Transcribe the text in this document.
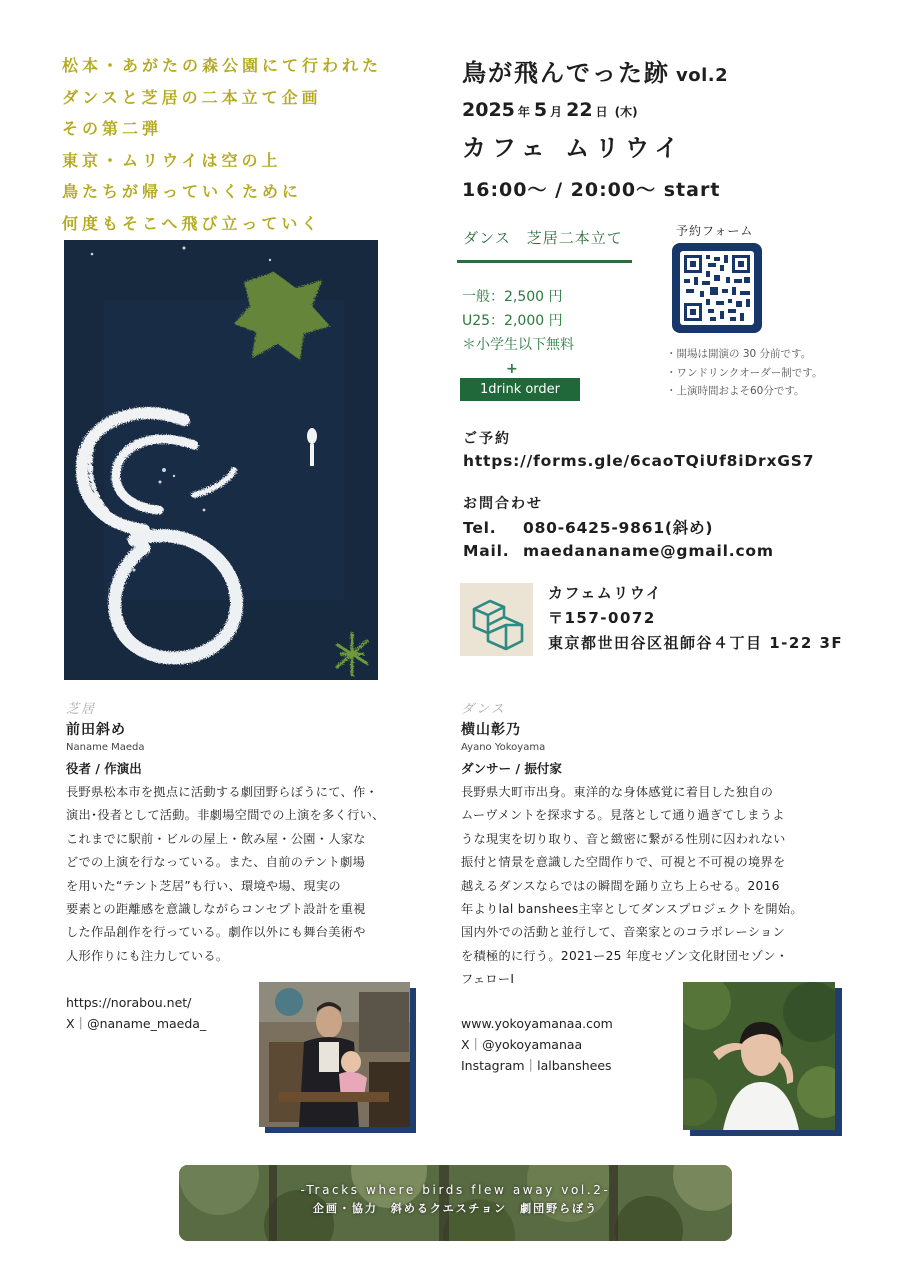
松本・あがたの森公園にて行われた
ダンスと芝居の二本立て企画
その第二弾
東京・ムリウイは空の上
鳥たちが帰っていくために
何度もそこへ飛び立っていく
鳥が飛んでった跡 vol.2
2025 年 5 月 22 日 (木)
カフェ ムリウイ
16:00〜 / 20:00〜 start
ダンス　芝居二本立て
一般：2,500 円
U25：2,000 円
＊小学生以下無料
+
1drink order
予約フォーム
・開場は開演の 30 分前です。
・ワンドリンクオーダー制です。
・上演時間およそ60分です。
ご予約
https://forms.gle/6caoTQiUf8iDrxGS7
お問合わせ
Tel. 080-6425-9861(斜め)
Mail. maedananame@gmail.com
カフェムリウイ
〒157-0072
東京都世田谷区祖師谷４丁目 1-22 3F
芝居
前田斜め
Naname Maeda
役者 / 作演出
長野県松本市を拠点に活動する劇団野らぼうにて、作・
演出･役者として活動。非劇場空間での上演を多く行い、
これまでに駅前・ビルの屋上・飲み屋・公園・人家な
どでの上演を行なっている。また、自前のテント劇場
を用いた“テント芝居”も行い、環境や場、現実の
要素との距離感を意識しながらコンセプト設計を重視
した作品創作を行っている。劇作以外にも舞台美術や
人形作りにも注力している。
https://norabou.net/
X｜@naname_maeda_
ダンス
横山彰乃
Ayano Yokoyama
ダンサー / 振付家
長野県大町市出身。東洋的な身体感覚に着目した独自の
ムーヴメントを探求する。見落として通り過ぎてしまうよ
うな現実を切り取り、音と緻密に繋がる性別に囚われない
振付と情景を意識した空間作りで、可視と不可視の境界を
越えるダンスならではの瞬間を踊り立ち上らせる。2016
年よりlal banshees主宰としてダンスプロジェクトを開始。
国内外での活動と並行して、音楽家とのコラボレーション
を積極的に行う。2021ー25 年度セゾン文化財団セゾン・
フェローⅠ
www.yokoyamanaa.com
X｜@yokoyamanaa
Instagram｜lalbanshees
-Tracks where birds flew away vol.2-
企画・協力　斜めるクエスチョン　劇団野らぼう
